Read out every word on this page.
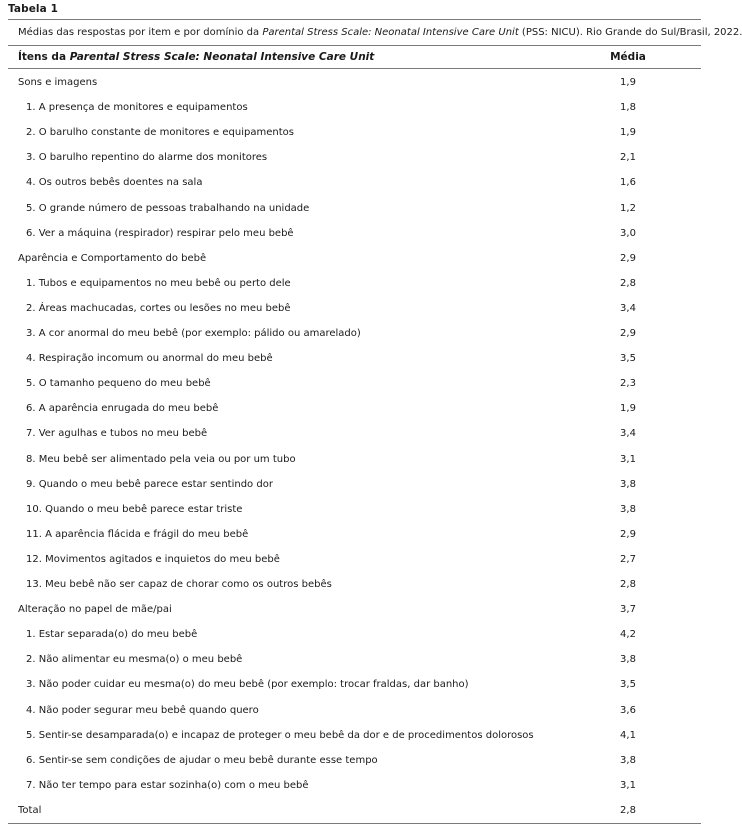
Tabela 1
Médias das respostas por item e por domínio da Parental Stress Scale: Neonatal Intensive Care Unit (PSS: NICU). Rio Grande do Sul/Brasil, 2022.
Ítens da Parental Stress Scale: Neonatal Intensive Care Unit	Média
Sons e imagens	1,9
1. A presença de monitores e equipamentos	1,8
2. O barulho constante de monitores e equipamentos	1,9
3. O barulho repentino do alarme dos monitores	2,1
4. Os outros bebês doentes na sala	1,6
5. O grande número de pessoas trabalhando na unidade	1,2
6. Ver a máquina (respirador) respirar pelo meu bebê	3,0
Aparência e Comportamento do bebê	2,9
1. Tubos e equipamentos no meu bebê ou perto dele	2,8
2. Áreas machucadas, cortes ou lesões no meu bebê	3,4
3. A cor anormal do meu bebê (por exemplo: pálido ou amarelado)	2,9
4. Respiração incomum ou anormal do meu bebê	3,5
5. O tamanho pequeno do meu bebê	2,3
6. A aparência enrugada do meu bebê	1,9
7. Ver agulhas e tubos no meu bebê	3,4
8. Meu bebê ser alimentado pela veia ou por um tubo	3,1
9. Quando o meu bebê parece estar sentindo dor	3,8
10. Quando o meu bebê parece estar triste	3,8
11. A aparência flácida e frágil do meu bebê	2,9
12. Movimentos agitados e inquietos do meu bebê	2,7
13. Meu bebê não ser capaz de chorar como os outros bebês	2,8
Alteração no papel de mãe/pai	3,7
1. Estar separada(o) do meu bebê	4,2
2. Não alimentar eu mesma(o) o meu bebê	3,8
3. Não poder cuidar eu mesma(o) do meu bebê (por exemplo: trocar fraldas, dar banho)	3,5
4. Não poder segurar meu bebê quando quero	3,6
5. Sentir-se desamparada(o) e incapaz de proteger o meu bebê da dor e de procedimentos dolorosos	4,1
6. Sentir-se sem condições de ajudar o meu bebê durante esse tempo	3,8
7. Não ter tempo para estar sozinha(o) com o meu bebê	3,1
Total	2,8
